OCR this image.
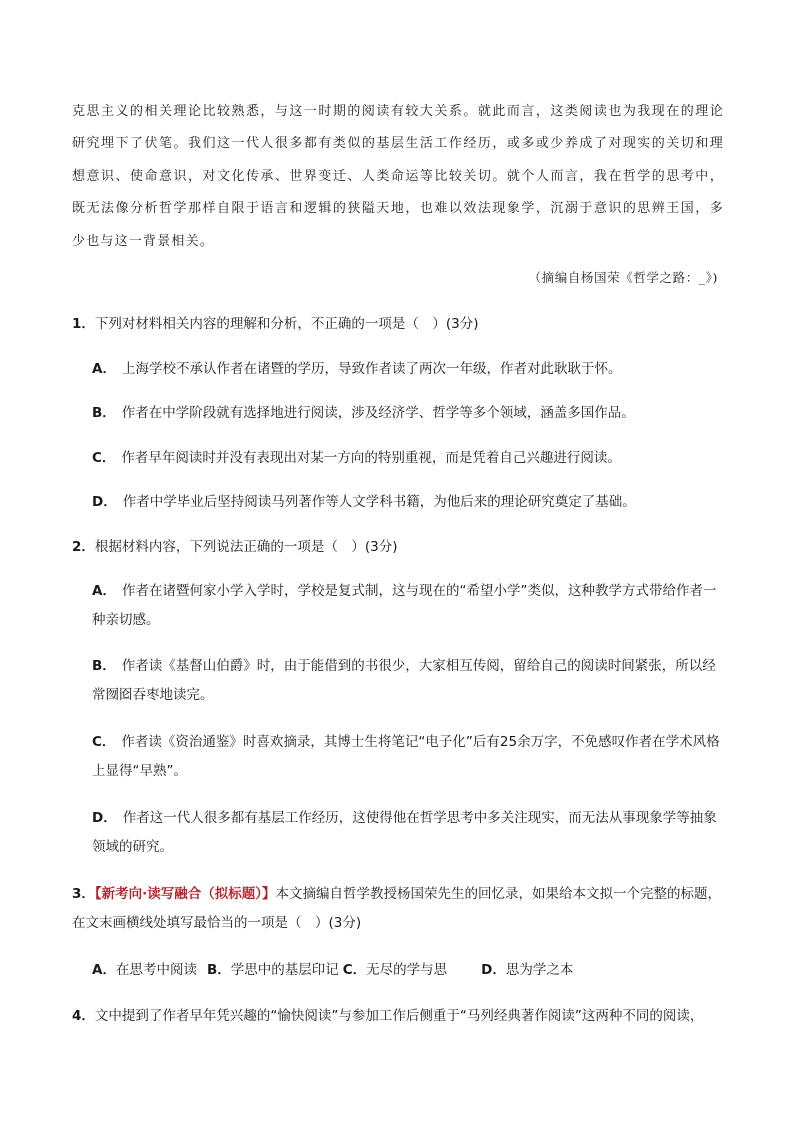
克思主义的相关理论比较熟悉，与这一时期的阅读有较大关系。就此而言，这类阅读也为我现在的理论研究埋下了伏笔。我们这一代人很多都有类似的基层生活工作经历，或多或少养成了对现实的关切和理想意识、使命意识，对文化传承、世界变迁、人类命运等比较关切。就个人而言，我在哲学的思考中，既无法像分析哲学那样自限于语言和逻辑的狭隘天地，也难以效法现象学，沉溺于意识的思辨王国，多少也与这一背景相关。

（摘编自杨国荣《哲学之路：_》)
1．下列对材料相关内容的理解和分析，不正确的一项是（　）(3分)
A． 上海学校不承认作者在诸暨的学历，导致作者读了两次一年级，作者对此耿耿于怀。
B． 作者在中学阶段就有选择地进行阅读，涉及经济学、哲学等多个领域，涵盖多国作品。
C． 作者早年阅读时并没有表现出对某一方向的特别重视，而是凭着自己兴趣进行阅读。
D． 作者中学毕业后坚持阅读马列著作等人文学科书籍，为他后来的理论研究奠定了基础。
2．根据材料内容，下列说法正确的一项是（　）(3分)
A． 作者在诸暨何家小学入学时，学校是复式制，这与现在的“希望小学”类似，这种教学方式带给作者一种亲切感。
B． 作者读《基督山伯爵》时，由于能借到的书很少，大家相互传阅，留给自己的阅读时间紧张，所以经常囫囵吞枣地读完。
C． 作者读《资治通鉴》时喜欢摘录，其博士生将笔记“电子化”后有25余万字，不免感叹作者在学术风格上显得“早熟”。
D． 作者这一代人很多都有基层工作经历，这使得他在哲学思考中多关注现实，而无法从事现象学等抽象领域的研究。
3．【新考向·读写融合（拟标题）】本文摘编自哲学教授杨国荣先生的回忆录，如果给本文拟一个完整的标题，在文末画横线处填写最恰当的一项是（　）(3分)
A．在思考中阅读 B．学思中的基层印记 C．无尽的学与思	D．思为学之本
4．文中提到了作者早年凭兴趣的“愉快阅读”与参加工作后侧重于“马列经典著作阅读”这两种不同的阅读，
